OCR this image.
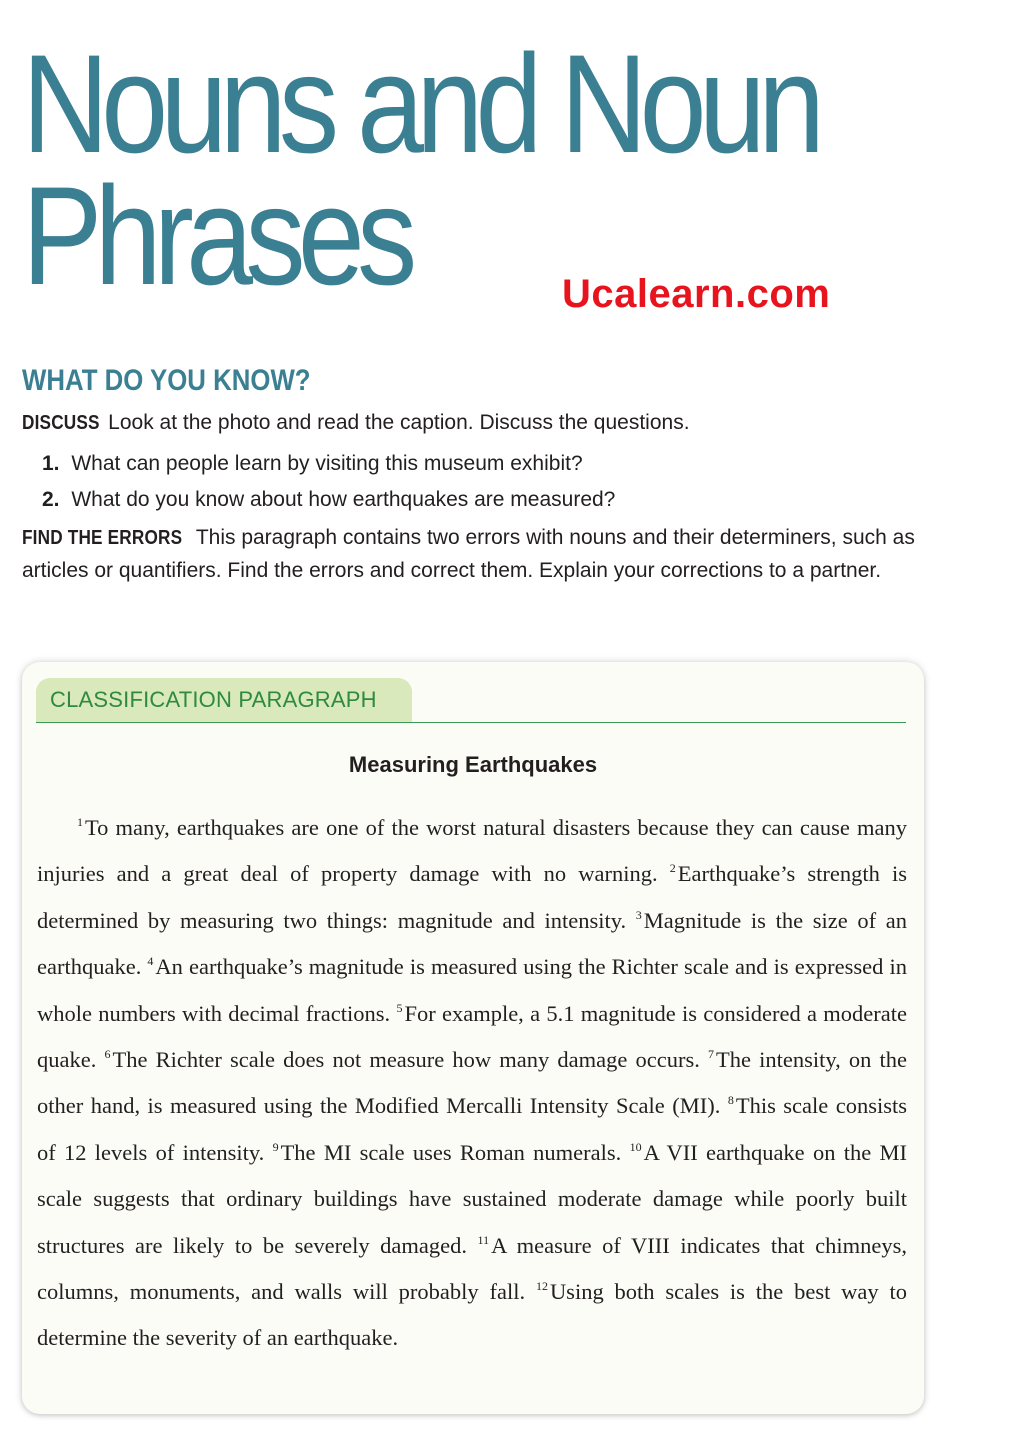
Nouns and Noun
Phrases	Ucalearn.com
WHAT DO YOU KNOW?

DISCUSS Look at the photo and read the caption. Discuss the questions.

1. What can people learn by visiting this museum exhibit?
2. What do you know about how earthquakes are measured?

FIND THE ERRORS This paragraph contains two errors with nouns and their determiners, such as articles or quantifiers. Find the errors and correct them. Explain your corrections to a partner.

CLASSIFICATION PARAGRAPH
Measuring Earthquakes

$^1$To many, earthquakes are one of the worst natural disasters because they can cause many injuries and a great deal of property damage with no warning. $^2$Earthquake’s strength is determined by measuring two things: magnitude and intensity. $^3$Magnitude is the size of an earthquake. $^4$An earthquake’s magnitude is measured using the Richter scale and is expressed in whole numbers with decimal fractions. $^5$For example, a 5.1 magnitude is considered a moderate quake. $^6$The Richter scale does not measure how many damage occurs. $^7$The intensity, on the other hand, is measured using the Modified Mercalli Intensity Scale (MI). $^8$This scale consists of 12 levels of intensity. $^9$The MI scale uses Roman numerals. $^{10}$A VII earthquake on the MI scale suggests that ordinary buildings have sustained moderate damage while poorly built structures are likely to be severely damaged. $^{11}$A measure of VIII indicates that chimneys, columns, monuments, and walls will probably fall. $^{12}$Using both scales is the best way to determine the severity of an earthquake.
